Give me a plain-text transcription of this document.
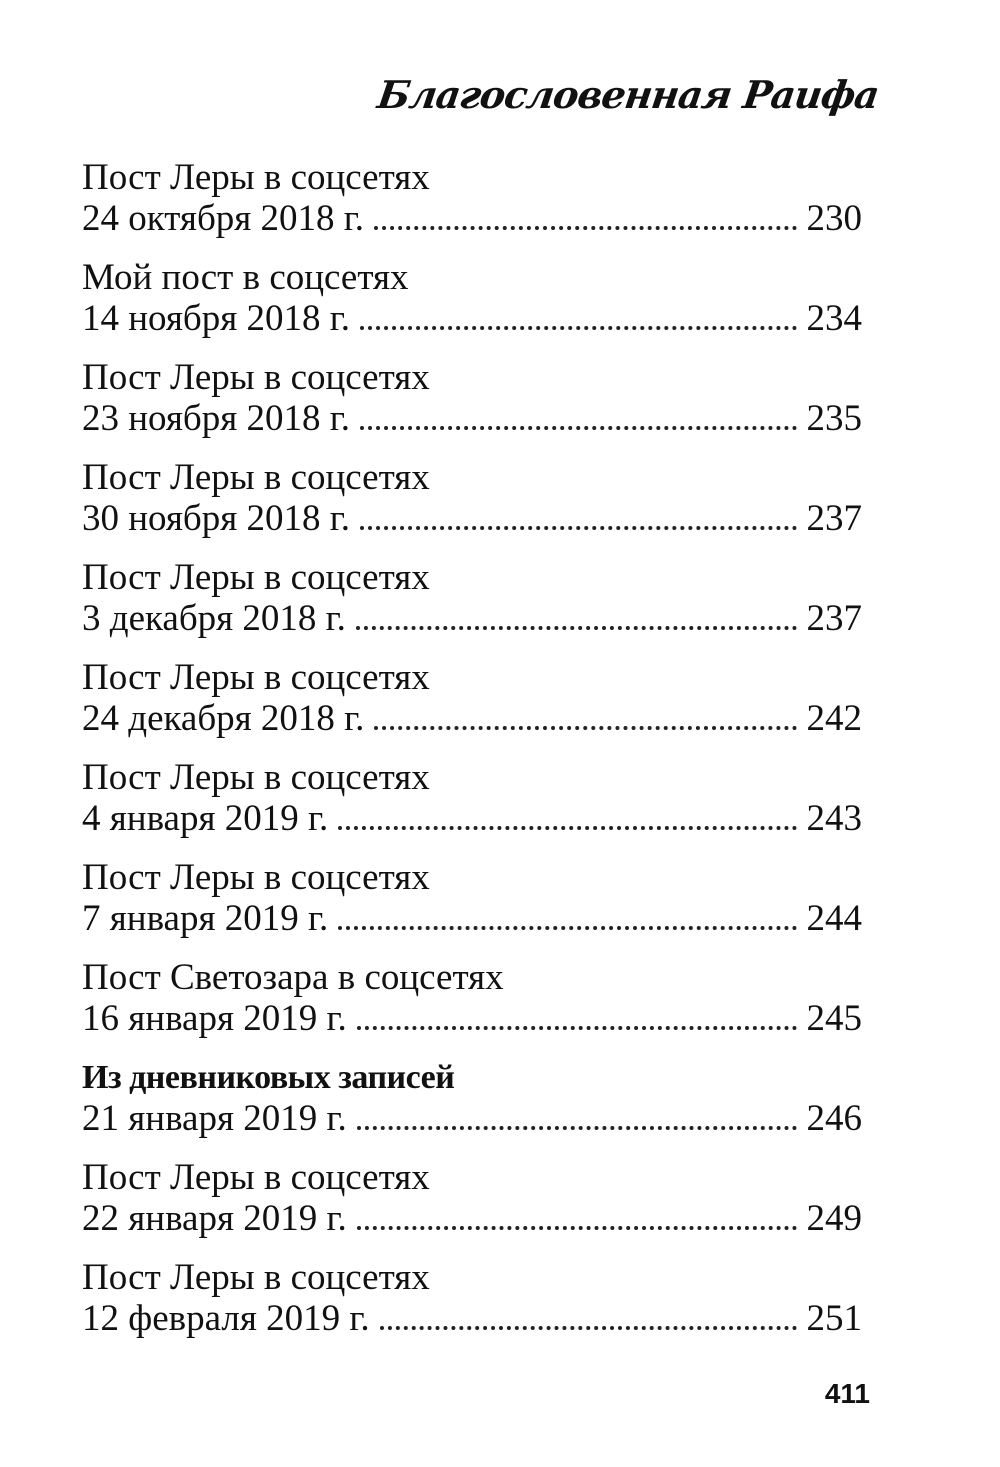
Благословенная Раифа
Пост Леры в соцсетях
24 октября 2018 г.	230
Мой пост в соцсетях
14 ноября 2018 г.	234
Пост Леры в соцсетях
23 ноября 2018 г.	235
Пост Леры в соцсетях
30 ноября 2018 г.	237
Пост Леры в соцсетях
3 декабря 2018 г.	237
Пост Леры в соцсетях
24 декабря 2018 г.	242
Пост Леры в соцсетях
4 января 2019 г.	243
Пост Леры в соцсетях
7 января 2019 г.	244
Пост Светозара в соцсетях
16 января 2019 г.	245
Из дневниковых записей
21 января 2019 г.	246
Пост Леры в соцсетях
22 января 2019 г.	249
Пост Леры в соцсетях
12 февраля 2019 г.	251
411
